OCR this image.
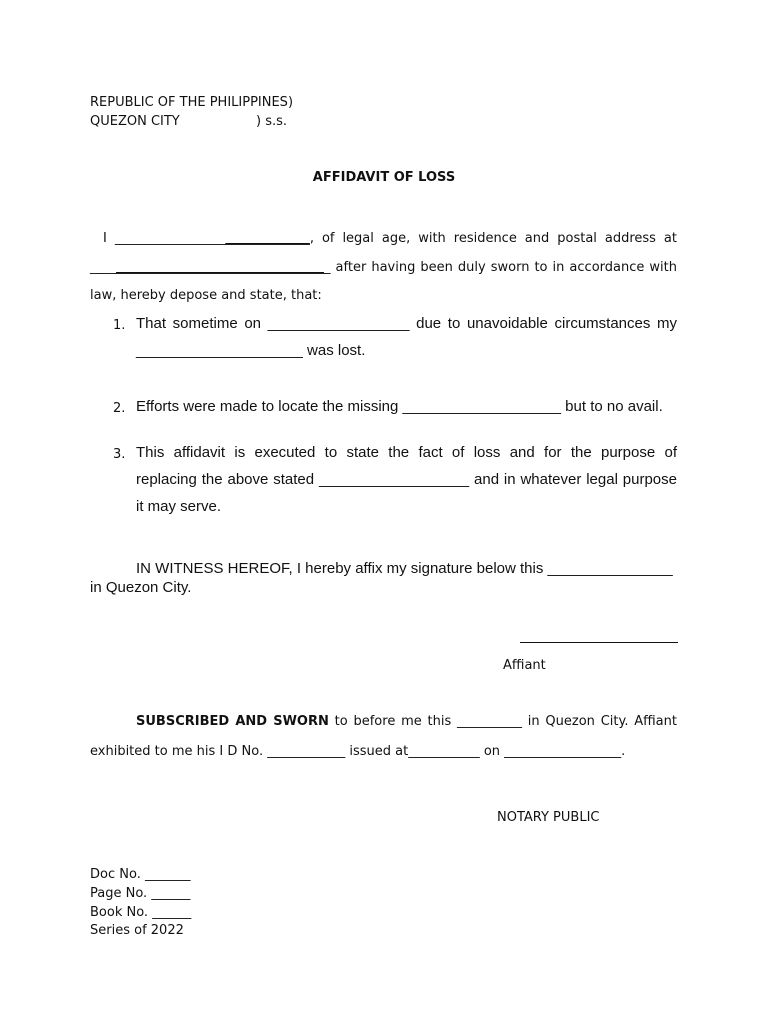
REPUBLIC OF THE PHILIPPINES)
QUEZON CITY	) s.s.
AFFIDAVIT OF LOSS
I ______________________________, of legal age, with residence and postal address at
_____________________________________ after having been duly sworn to in accordance with
law, hereby depose and state, that:
1. That sometime on _________________ due to unavoidable circumstances my
____________________ was lost.
2. Efforts were made to locate the missing ___________________ but to no avail.
3. This affidavit is executed to state the fact of loss and for the purpose of
replacing the above stated __________________ and in whatever legal purpose
it may serve.
IN WITNESS HEREOF, I hereby affix my signature below this _______________
in Quezon City.
Affiant
SUBSCRIBED AND SWORN to before me this __________ in Quezon City. Affiant
exhibited to me his I D No. ____________ issued at___________ on __________________.
NOTARY PUBLIC
Doc No. _______
Page No. ______
Book No. ______
Series of 2022
